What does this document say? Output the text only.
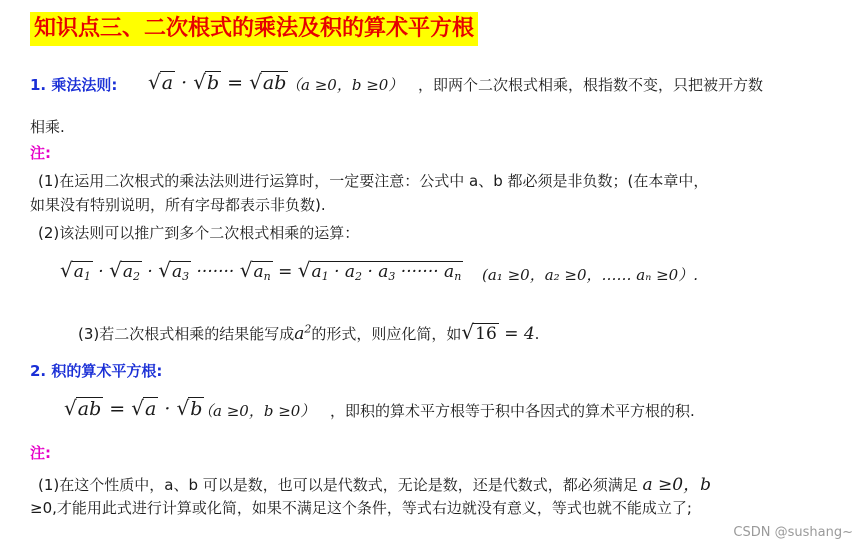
知识点三、二次根式的乘法及积的算术平方根
1. 乘法法则: √a · √b = √ab （a ≥0，b ≥0） ，即两个二次根式相乘，根指数不变，只把被开方数
相乘.
注:
(1)在运用二次根式的乘法法则进行运算时，一定要注意：公式中 a、b 都必须是非负数；(在本章中，
如果没有特别说明，所有字母都表示非负数).
(2)该法则可以推广到多个二次根式相乘的运算：
$√a_1 \cdot √a_2 \cdot √a_3$ ······· $√a_n = √a_1 \cdot a_2 \cdot a_3$ ······· $a_n$ (a₁ ≥0，a₂ ≥0，…… aₙ ≥0）.
(3)若二次根式相乘的结果能写成$a^2$的形式，则应化简，如√16 = 4.
2. 积的算术平方根:
√ab = √a · √b
（a ≥0，b ≥0） ，即积的算术平方根等于积中各因式的算术平方根的积.
注:
(1)在这个性质中，a、b 可以是数，也可以是代数式，无论是数，还是代数式，都必须满足 a ≥0，b
≥0,才能用此式进行计算或化简，如果不满足这个条件，等式右边就没有意义，等式也就不能成立了;
CSDN @sushang~
